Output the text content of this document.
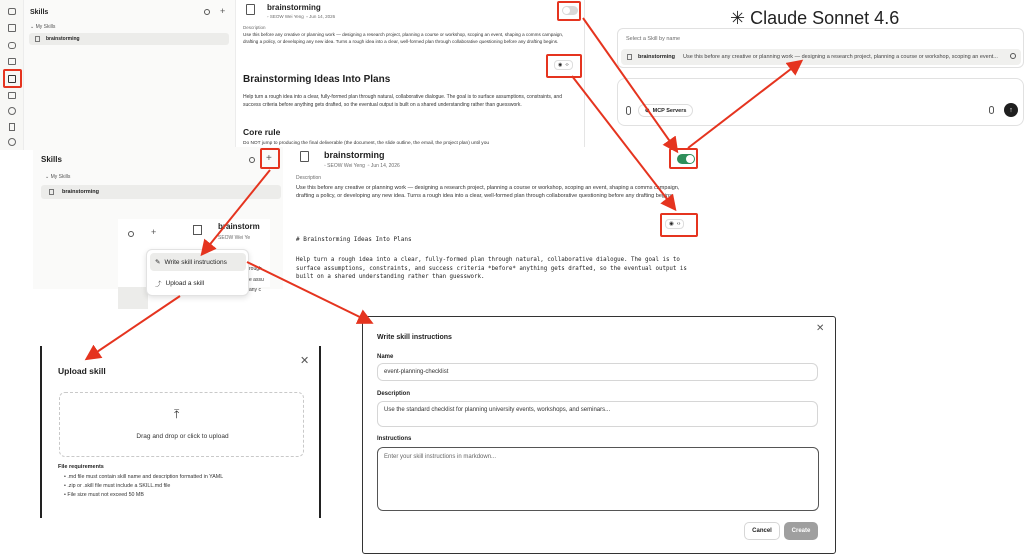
Skills	+
⌄ My Skills
brainstorming
brainstorming
◦ SEOW Wei Yeng  ▫ Jun 14, 2026
Description
Use this before any creative or planning work — designing a research project, planning a course or workshop, scoping an event, shaping a comms campaign, drafting a policy, or developing any new idea. Turns a rough idea into a clear, well-formed plan through collaborative questioning before any drafting begins.
Brainstorming Ideas Into Plans
Help turn a rough idea into a clear, fully-formed plan through natural, collaborative dialogue. The goal is to surface assumptions, constraints, and success criteria before anything gets drafted, so the eventual output is built on a shared understanding rather than guesswork.
Core rule
Do NOT jump to producing the final deliverable (the document, the slide outline, the email, the project plan) until you
◉ ‹›
✳ Claude Sonnet 4.6
Select a Skill by name
brainstorming Use this before any creative or planning work — designing a research project, planning a course or workshop, scoping an event...
⊚ MCP Servers	↑
Skills	+
⌄ My Skills
brainstorming
brainstorming
◦ SEOW Wei Yeng  ▫ Jun 14, 2026
Description
Use this before any creative or planning work — designing a research project, planning a course or workshop, scoping an event, shaping a comms campaign, drafting a policy, or developing any new idea. Turns a rough idea into a clear, well-formed plan through collaborative questioning before any drafting begins.
◉ ‹›
# Brainstorming Ideas Into Plans
Help turn a rough idea into a clear, fully-formed plan through natural, collaborative dialogue. The goal is to surface assumptions, constraints, and success criteria *before* anything gets drafted, so the eventual output is built on a shared understanding rather than guesswork.
+
brainstorm
SEOW Wei Ye
rough
e assu
any c
✎ Write skill instructions
⤴ Upload a skill
Upload skill
✕
⤒
Drag and drop or click to upload
File requirements
• .md file must contain skill name and description formatted in YAML
• .zip or .skill file must include a SKILL.md file
• File size must not exceed 50 MB
Write skill instructions
✕
Name
event-planning-checklist
Description
Use the standard checklist for planning university events, workshops, and seminars...
Instructions
Enter your skill instructions in markdown...
Cancel	Create
